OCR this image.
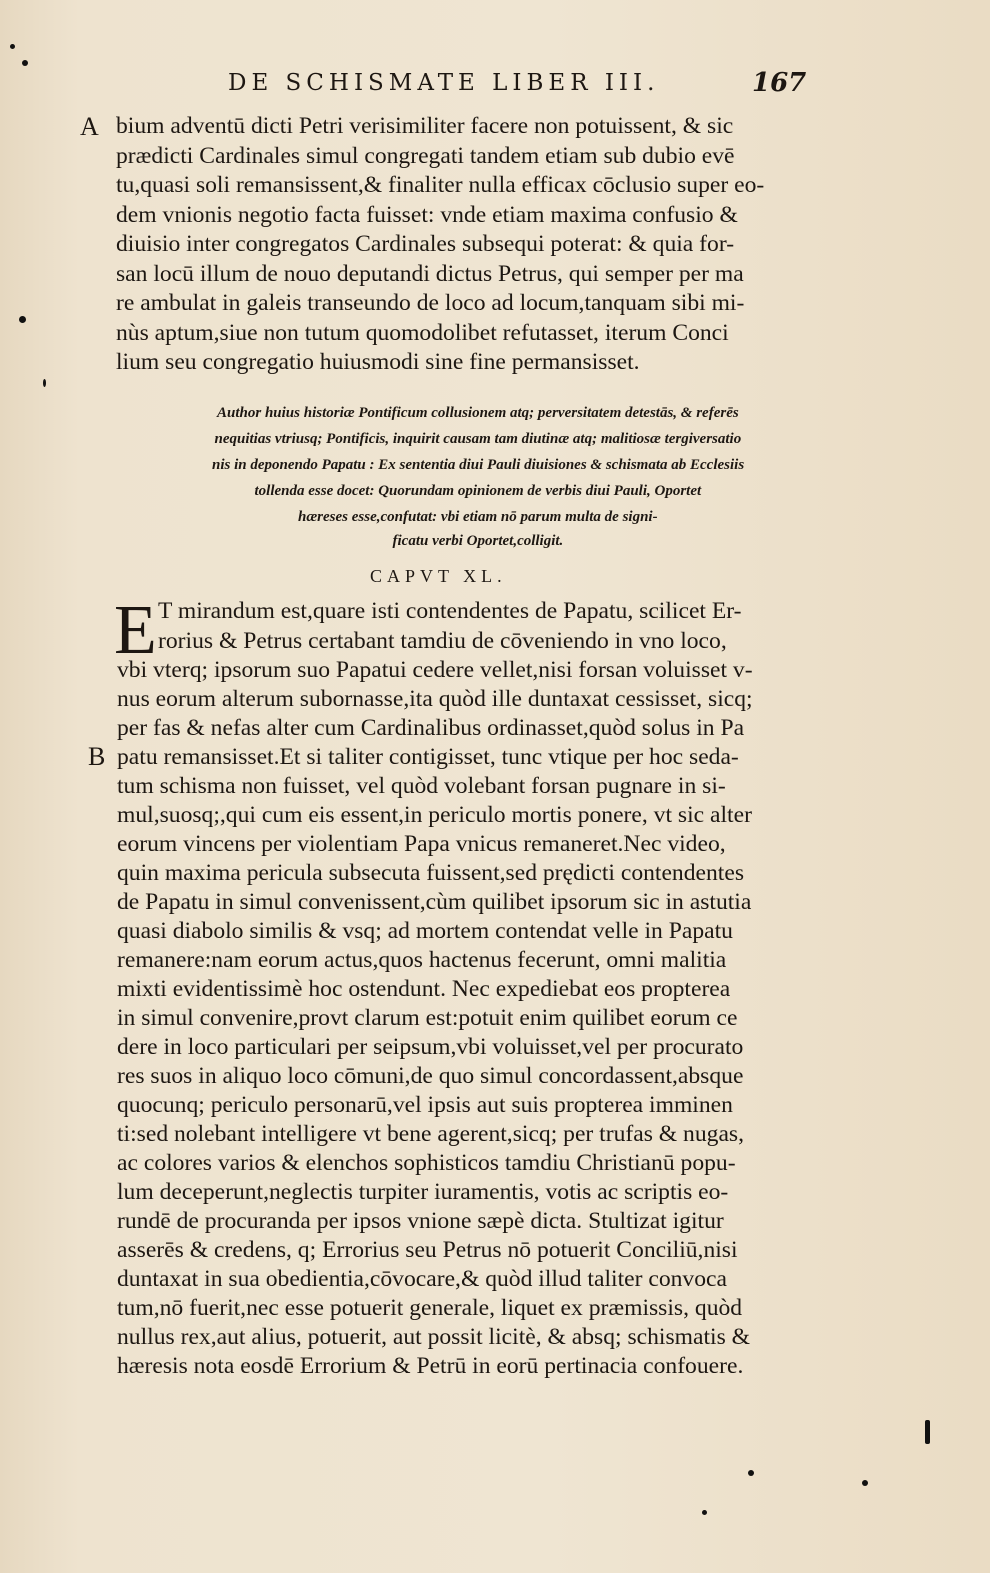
DE SCHISMATE LIBER III.	167
A
B
bium adventū dicti Petri verisimiliter facere non potuissent, & sic
prædicti Cardinales simul congregati tandem etiam sub dubio evē
tu,quasi soli remansissent,& finaliter nulla efficax cōclusio super eo-
dem vnionis negotio facta fuisset: vnde etiam maxima confusio &
diuisio inter congregatos Cardinales subsequi poterat: & quia for-
san locū illum de nouo deputandi dictus Petrus, qui semper per ma
re ambulat in galeis transeundo de loco ad locum,tanquam sibi mi-
nùs aptum,siue non tutum quomodolibet refutasset, iterum Conci
lium seu congregatio huiusmodi sine fine permansisset.
Author huius historiæ Pontificum collusionem atq; perversitatem detestās, & referēs
nequitias vtriusq; Pontificis, inquirit causam tam diutinæ atq; malitiosæ tergiversatio
nis in deponendo Papatu : Ex sententia diui Pauli diuisiones & schismata ab Ecclesiis
tollenda esse docet: Quorundam opinionem de verbis diui Pauli, Oportet
hæreses esse,confutat: vbi etiam nō parum multa de signi-
ficatu verbi Oportet,colligit.
CAPVT XL.
E T mirandum est,quare isti contendentes de Papatu, scilicet Er-
rorius & Petrus certabant tamdiu de cōveniendo in vno loco,
vbi vterq; ipsorum suo Papatui cedere vellet,nisi forsan voluisset v-
nus eorum alterum subornasse,ita quòd ille duntaxat cessisset, sicq;
per fas & nefas alter cum Cardinalibus ordinasset,quòd solus in Pa
patu remansisset.Et si taliter contigisset, tunc vtique per hoc seda-
tum schisma non fuisset, vel quòd volebant forsan pugnare in si-
mul,suosq;,qui cum eis essent,in periculo mortis ponere, vt sic alter
eorum vincens per violentiam Papa vnicus remaneret.Nec video,
quin maxima pericula subsecuta fuissent,sed prędicti contendentes
de Papatu in simul convenissent,cùm quilibet ipsorum sic in astutia
quasi diabolo similis & vsq; ad mortem contendat velle in Papatu
remanere:nam eorum actus,quos hactenus fecerunt, omni malitia
mixti evidentissimè hoc ostendunt. Nec expediebat eos propterea
in simul convenire,provt clarum est:potuit enim quilibet eorum ce
dere in loco particulari per seipsum,vbi voluisset,vel per procurato
res suos in aliquo loco cōmuni,de quo simul concordassent,absque
quocunq; periculo personarū,vel ipsis aut suis propterea imminen
ti:sed nolebant intelligere vt bene agerent,sicq; per trufas & nugas,
ac colores varios & elenchos sophisticos tamdiu Christianū popu-
lum deceperunt,neglectis turpiter iuramentis, votis ac scriptis eo-
rundē de procuranda per ipsos vnione sæpè dicta. Stultizat igitur
asserēs & credens, q; Errorius seu Petrus nō potuerit Conciliū,nisi
duntaxat in sua obedientia,cōvocare,& quòd illud taliter convoca
tum,nō fuerit,nec esse potuerit generale, liquet ex præmissis, quòd
nullus rex,aut alius, potuerit, aut possit licitè, & absq; schismatis &
hæresis nota eosdē Errorium & Petrū in eorū pertinacia confouere.
